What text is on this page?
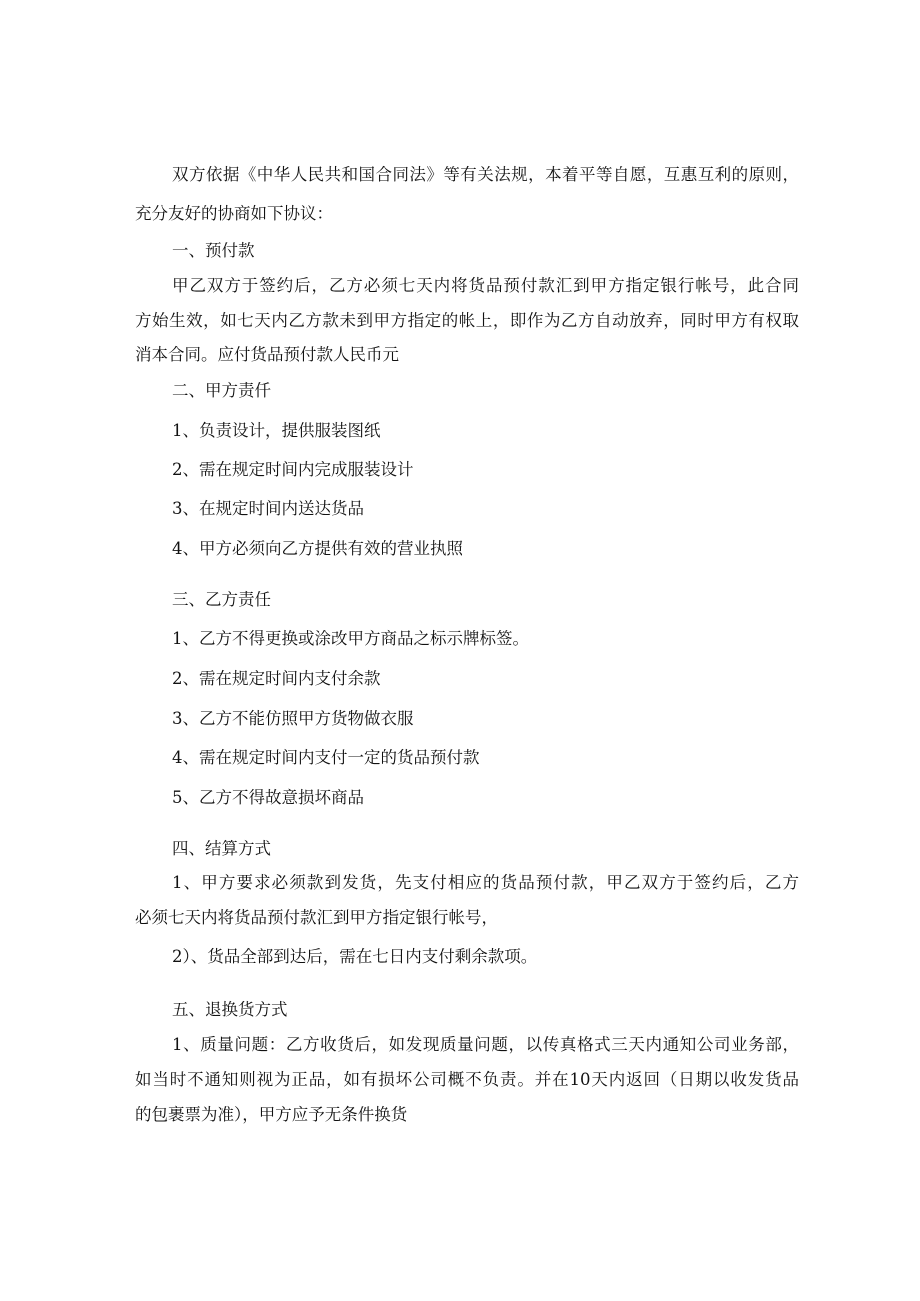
双方依据《中华人民共和国合同法》等有关法规，本着平等自愿，互惠互利的原则，
充分友好的协商如下协议：
一、预付款
甲乙双方于签约后，乙方必须七天内将货品预付款汇到甲方指定银行帐号，此合同
方始生效，如七天内乙方款未到甲方指定的帐上，即作为乙方自动放弃，同时甲方有权取
消本合同。应付货品预付款人民币元
二、甲方责仟
1、负责设计，提供服装图纸
2、需在规定时间内完成服装设计
3、在规定时间内送达货品
4、甲方必须向乙方提供有效的营业执照
三、乙方责任
1、乙方不得更换或涂改甲方商品之标示牌标签。
2、需在规定时间内支付余款
3、乙方不能仿照甲方货物做衣服
4、需在规定时间内支付一定的货品预付款
5、乙方不得故意损坏商品
四、结算方式
1、甲方要求必须款到发货，先支付相应的货品预付款，甲乙双方于签约后，乙方
必须七天内将货品预付款汇到甲方指定银行帐号，
2）、货品全部到达后，需在七日内支付剩余款项。
五、退换货方式
1、质量问题：乙方收货后，如发现质量问题，以传真格式三天内通知公司业务部，
如当时不通知则视为正品，如有损坏公司概不负责。并在10天内返回（日期以收发货品
的包裹票为准），甲方应予无条件换货
